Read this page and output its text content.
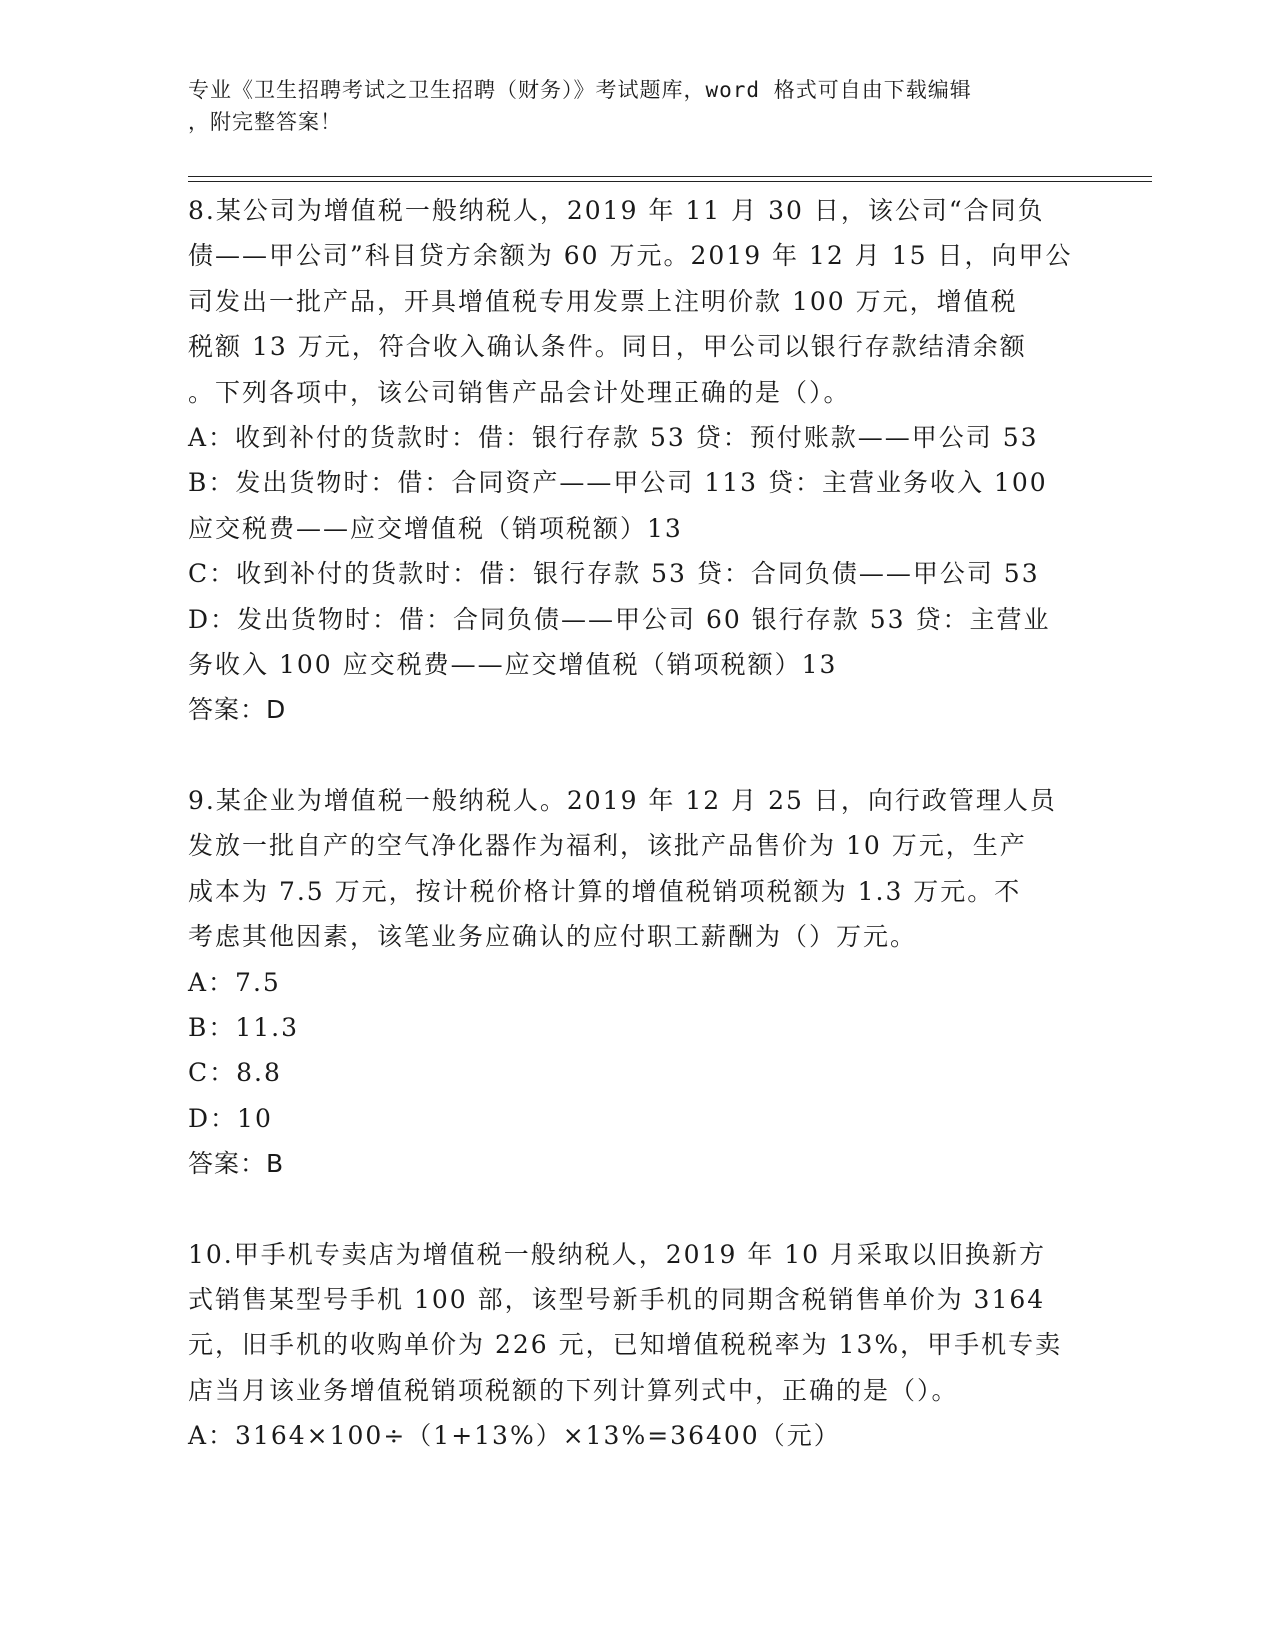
专业《卫生招聘考试之卫生招聘（财务）》考试题库，word 格式可自由下载编辑
，附完整答案！

8.某公司为增值税一般纳税人，2019 年 11 月 30 日，该公司“合同负

债——甲公司”科目贷方余额为 60 万元。2019 年 12 月 15 日，向甲公

司发出一批产品，开具增值税专用发票上注明价款 100 万元，增值税

税额 13 万元，符合收入确认条件。同日，甲公司以银行存款结清余额

。下列各项中，该公司销售产品会计处理正确的是（）。

A：收到补付的货款时：借：银行存款 53 贷：预付账款——甲公司 53

B：发出货物时：借：合同资产——甲公司 113 贷：主营业务收入 100

应交税费——应交增值税（销项税额）13

C：收到补付的货款时：借：银行存款 53 贷：合同负债——甲公司 53

D：发出货物时：借：合同负债——甲公司 60 银行存款 53 贷：主营业

务收入 100 应交税费——应交增值税（销项税额）13

答案：D

9.某企业为增值税一般纳税人。2019 年 12 月 25 日，向行政管理人员

发放一批自产的空气净化器作为福利，该批产品售价为 10 万元，生产

成本为 7.5 万元，按计税价格计算的增值税销项税额为 1.3 万元。不

考虑其他因素，该笔业务应确认的应付职工薪酬为（）万元。

A：7.5

B：11.3

C：8.8

D：10

答案：B

10.甲手机专卖店为增值税一般纳税人，2019 年 10 月采取以旧换新方

式销售某型号手机 100 部，该型号新手机的同期含税销售单价为 3164

元，旧手机的收购单价为 226 元，已知增值税税率为 13%，甲手机专卖

店当月该业务增值税销项税额的下列计算列式中，正确的是（）。

A：3164×100÷（1+13%）×13%=36400（元）
